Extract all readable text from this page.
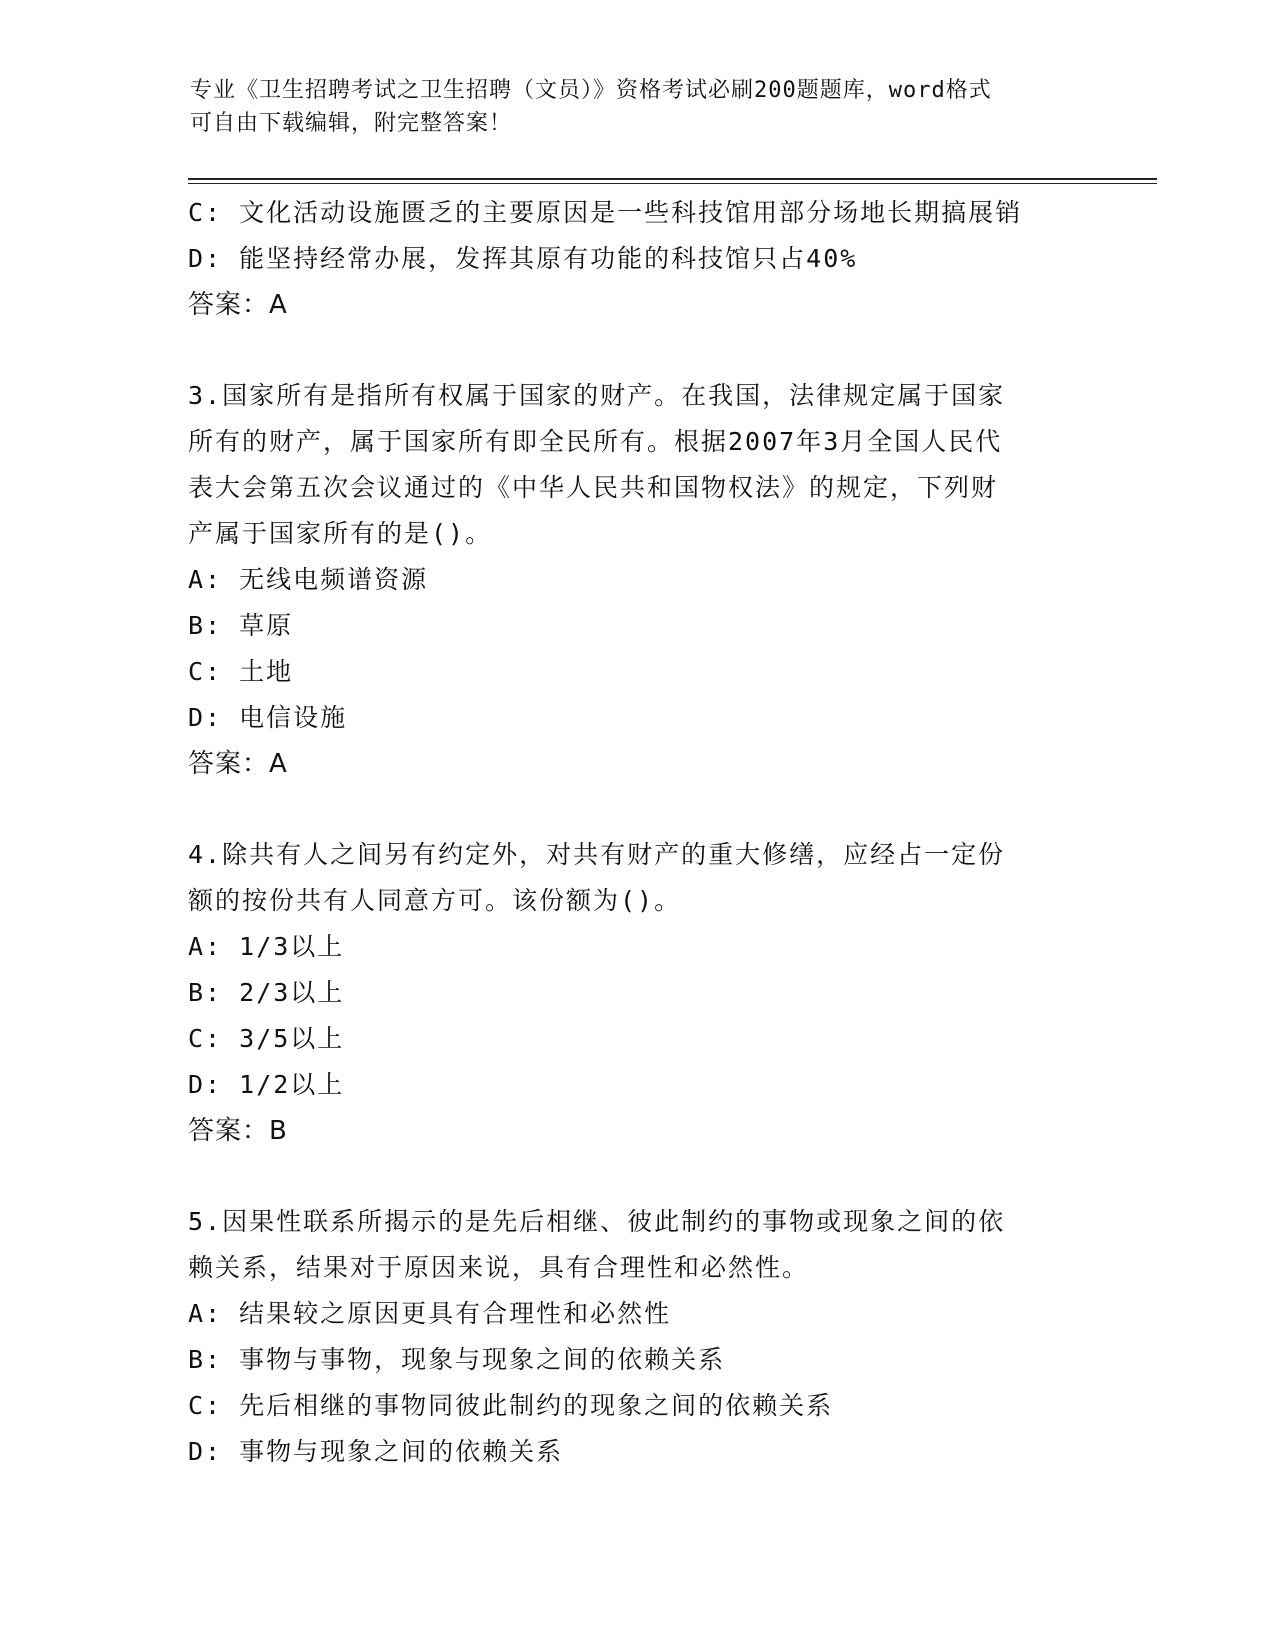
专业《卫生招聘考试之卫生招聘（文员）》资格考试必刷200题题库，word格式
可自由下载编辑，附完整答案！
C: 文化活动设施匮乏的主要原因是一些科技馆用部分场地长期搞展销
D: 能坚持经常办展，发挥其原有功能的科技馆只占40%
答案：A
3.国家所有是指所有权属于国家的财产。在我国，法律规定属于国家
所有的财产，属于国家所有即全民所有。根据2007年3月全国人民代
表大会第五次会议通过的《中华人民共和国物权法》的规定，下列财
产属于国家所有的是()。
A: 无线电频谱资源
B: 草原
C: 土地
D: 电信设施
答案：A
4.除共有人之间另有约定外，对共有财产的重大修缮，应经占一定份
额的按份共有人同意方可。该份额为()。
A: 1/3以上
B: 2/3以上
C: 3/5以上
D: 1/2以上
答案：B
5.因果性联系所揭示的是先后相继、彼此制约的事物或现象之间的依
赖关系，结果对于原因来说，具有合理性和必然性。
A: 结果较之原因更具有合理性和必然性
B: 事物与事物，现象与现象之间的依赖关系
C: 先后相继的事物同彼此制约的现象之间的依赖关系
D: 事物与现象之间的依赖关系
